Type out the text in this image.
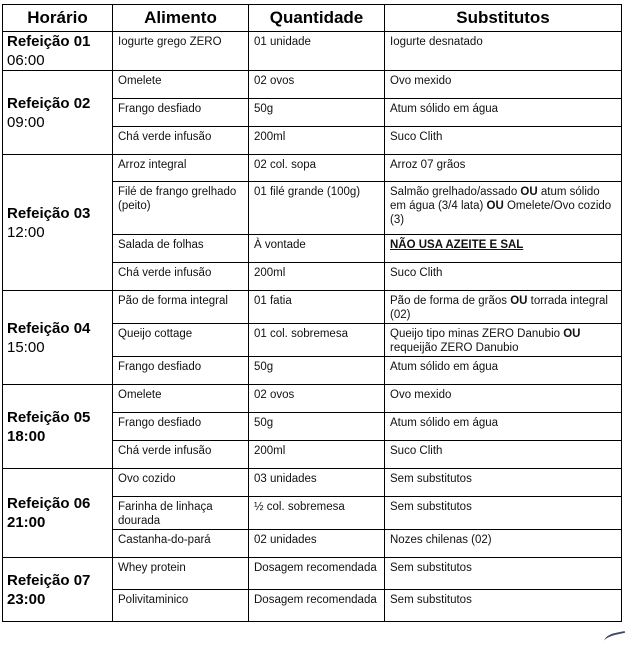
Horário	Alimento	Quantidade	Substitutos

Refeição 01
06:00	Iogurte grego ZERO	01 unidade	Iogurte desnatado

Refeição 02
09:00	Omelete	02 ovos	Ovo mexido
	Frango desfiado	50g	Atum sólido em água
	Chá verde infusão	200ml	Suco Clith

Refeição 03
12:00	Arroz integral	02 col. sopa	Arroz 07 grãos
	Filé de frango grelhado (peito)	01 filé grande (100g)	Salmão grelhado/assado OU atum sólido em água (3/4 lata) OU Omelete/Ovo cozido (3)
	Salada de folhas	À vontade	NÃO USA AZEITE E SAL
	Chá verde infusão	200ml	Suco Clith

Refeição 04
15:00	Pão de forma integral	01 fatia	Pão de forma de grãos OU torrada integral (02)
	Queijo cottage	01 col. sobremesa	Queijo tipo minas ZERO Danubio OU requeijão ZERO Danubio
	Frango desfiado	50g	Atum sólido em água

Refeição 05
18:00	Omelete	02 ovos	Ovo mexido
	Frango desfiado	50g	Atum sólido em água
	Chá verde infusão	200ml	Suco Clith

Refeição 06
21:00	Ovo cozido	03 unidades	Sem substitutos
	Farinha de linhaça dourada	½ col. sobremesa	Sem substitutos
	Castanha-do-pará	02 unidades	Nozes chilenas (02)

Refeição 07
23:00	Whey protein	Dosagem recomendada	Sem substitutos
	Polivitaminico	Dosagem recomendada	Sem substitutos
